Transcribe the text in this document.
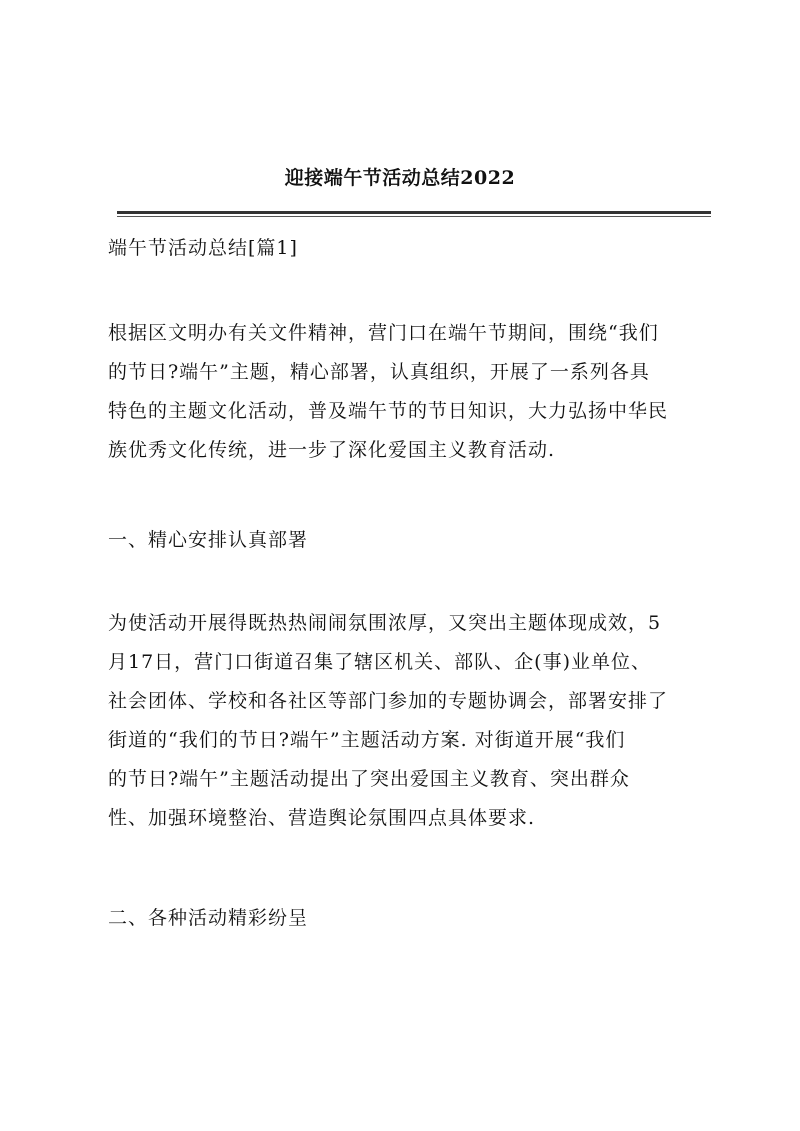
迎接端午节活动总结2022

端午节活动总结[篇1]

根据区文明办有关文件精神，营门口在端午节期间，围绕“我们
的节日?端午”主题，精心部署，认真组织，开展了一系列各具
特色的主题文化活动，普及端午节的节日知识，大力弘扬中华民
族优秀文化传统，进一步了深化爱国主义教育活动.

一、精心安排认真部署

为使活动开展得既热热闹闹氛围浓厚，又突出主题体现成效，5
月17日，营门口街道召集了辖区机关、部队、企(事)业单位、
社会团体、学校和各社区等部门参加的专题协调会，部署安排了
街道的“我们的节日?端午”主题活动方案. 对街道开展“我们
的节日?端午”主题活动提出了突出爱国主义教育、突出群众
性、加强环境整治、营造舆论氛围四点具体要求.

二、各种活动精彩纷呈
